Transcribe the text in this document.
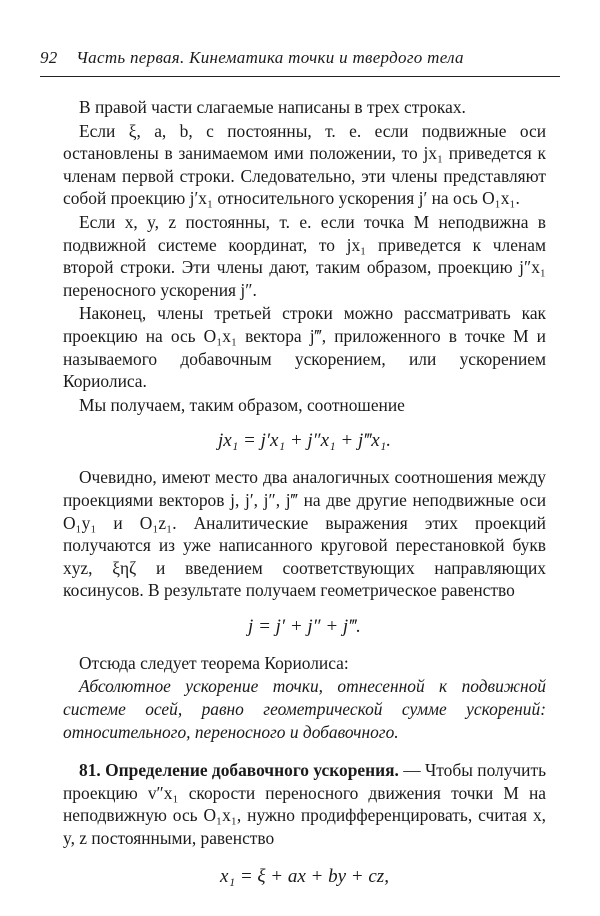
92 Часть первая. Кинематика точки и твердого тела

В правой части слагаемые написаны в трех строках.

Если ξ, a, b, c постоянны, т. е. если подвижные оси остановлены в занимаемом ими положении, то jx₁ приведется к членам первой строки. Следовательно, эти члены представляют собой проекцию j′x₁ относительного ускорения j′ на ось O₁x₁.

Если x, y, z постоянны, т. е. если точка M неподвижна в подвижной системе координат, то jx₁ приведется к членам второй строки. Эти члены дают, таким образом, проекцию j″x₁ переносного ускорения j″.

Наконец, члены третьей строки можно рассматривать как проекцию на ось O₁x₁ вектора j‴, приложенного в точке M и называемого добавочным ускорением, или ускорением Кориолиса.

Мы получаем, таким образом, соотношение

jx₁ = j′x₁ + j″x₁ + j‴x₁.

Очевидно, имеют место два аналогичных соотношения между проекциями векторов j, j′, j″, j‴ на две другие неподвижные оси O₁y₁ и O₁z₁. Аналитические выражения этих проекций получаются из уже написанного круговой перестановкой букв xyz, ξηζ и введением соответствующих направляющих косинусов. В результате получаем геометрическое равенство

j = j′ + j″ + j‴.

Отсюда следует теорема Кориолиса:

Абсолютное ускорение точки, отнесенной к подвижной системе осей, равно геометрической сумме ускорений: относительного, переносного и добавочного.

81. Определение добавочного ускорения. — Чтобы получить проекцию v″x₁ скорости переносного движения точки M на неподвижную ось O₁x₁, нужно продифференцировать, считая x, y, z постоянными, равенство

x₁ = ξ + ax + by + cz,
